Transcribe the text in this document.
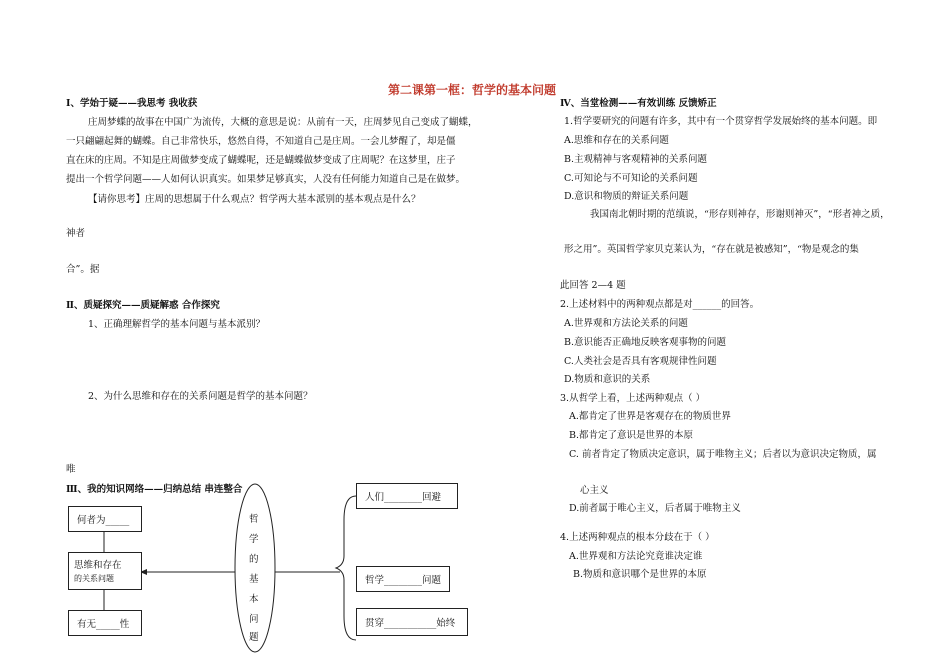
第二课第一框：哲学的基本问题
Ⅰ、学始于疑——我思考 我收获
庄周梦蝶的故事在中国广为流传，大概的意思是说：从前有一天，庄周梦见自己变成了蝴蝶，
一只翩翩起舞的蝴蝶。自己非常快乐，悠然自得，不知道自己是庄周。一会儿梦醒了，却是僵
直在床的庄周。不知是庄周做梦变成了蝴蝶呢，还是蝴蝶做梦变成了庄周呢？在这梦里，庄子
提出一个哲学问题——人如何认识真实。如果梦足够真实，人没有任何能力知道自己是在做梦。
【请你思考】庄周的思想属于什么观点？哲学两大基本派别的基本观点是什么？
神者
合”。据
Ⅱ、质疑探究——质疑解惑 合作探究
1、正确理解哲学的基本问题与基本派别？
2、为什么思维和存在的关系问题是哲学的基本问题？
唯
Ⅲ、我的知识网络——归纳总结 串连整合
何者为_____
思维和存在
的关系问题
有无_____性
哲
学
的
基
本
问
题
人们________回避
哲学________问题
贯穿___________始终
Ⅳ、当堂检测——有效训练 反馈矫正
1.哲学要研究的问题有许多，其中有一个贯穿哲学发展始终的基本问题。即
A.思维和存在的关系问题
B.主观精神与客观精神的关系问题
C.可知论与不可知论的关系问题
D.意识和物质的辩证关系问题
我国南北朝时期的范缜说，“形存则神存，形谢则神灭”，“形者神之质，
形之用”。英国哲学家贝克莱认为，“存在就是被感知”，“物是观念的集
此回答 2—4 题
2.上述材料中的两种观点都是对______的回答。
A.世界观和方法论关系的问题
B.意识能否正确地反映客观事物的问题
C.人类社会是否具有客观规律性问题
D.物质和意识的关系
3.从哲学上看，上述两种观点（ ）
A.都肯定了世界是客观存在的物质世界
B.都肯定了意识是世界的本原
C. 前者肯定了物质决定意识，属于唯物主义；后者以为意识决定物质，属
心主义
D.前者属于唯心主义，后者属于唯物主义
4.上述两种观点的根本分歧在于（ ）
A.世界观和方法论究竟谁决定谁
B.物质和意识哪个是世界的本原
